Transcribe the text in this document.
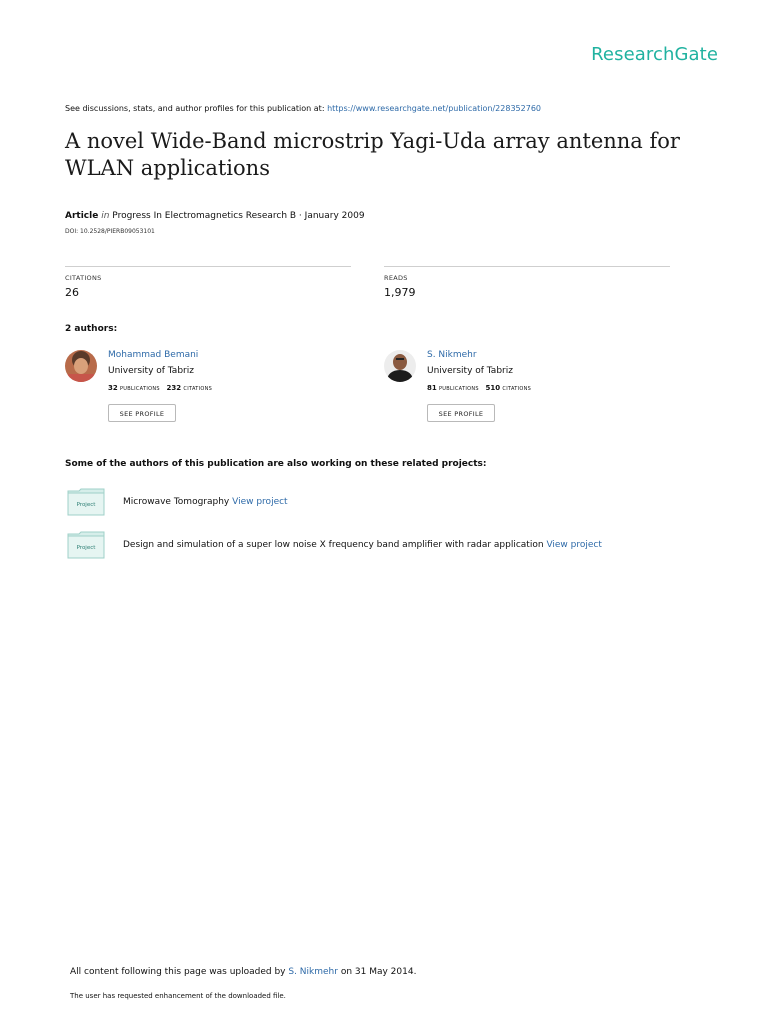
ResearchGate
See discussions, stats, and author profiles for this publication at: https://www.researchgate.net/publication/228352760
A novel Wide-Band microstrip Yagi-Uda array antenna for WLAN applications
Article in Progress In Electromagnetics Research B · January 2009
DOI: 10.2528/PIERB09053101
CITATIONS
26
READS
1,979
2 authors:
Mohammad Bemani
University of Tabriz
32 publications 232 citations
SEE PROFILE
S. Nikmehr
University of Tabriz
81 publications 510 citations
SEE PROFILE
Some of the authors of this publication are also working on these related projects:
Project	Microwave Tomography View project
Project	Design and simulation of a super low noise X frequency band amplifier with radar application View project
All content following this page was uploaded by S. Nikmehr on 31 May 2014.
The user has requested enhancement of the downloaded file.
